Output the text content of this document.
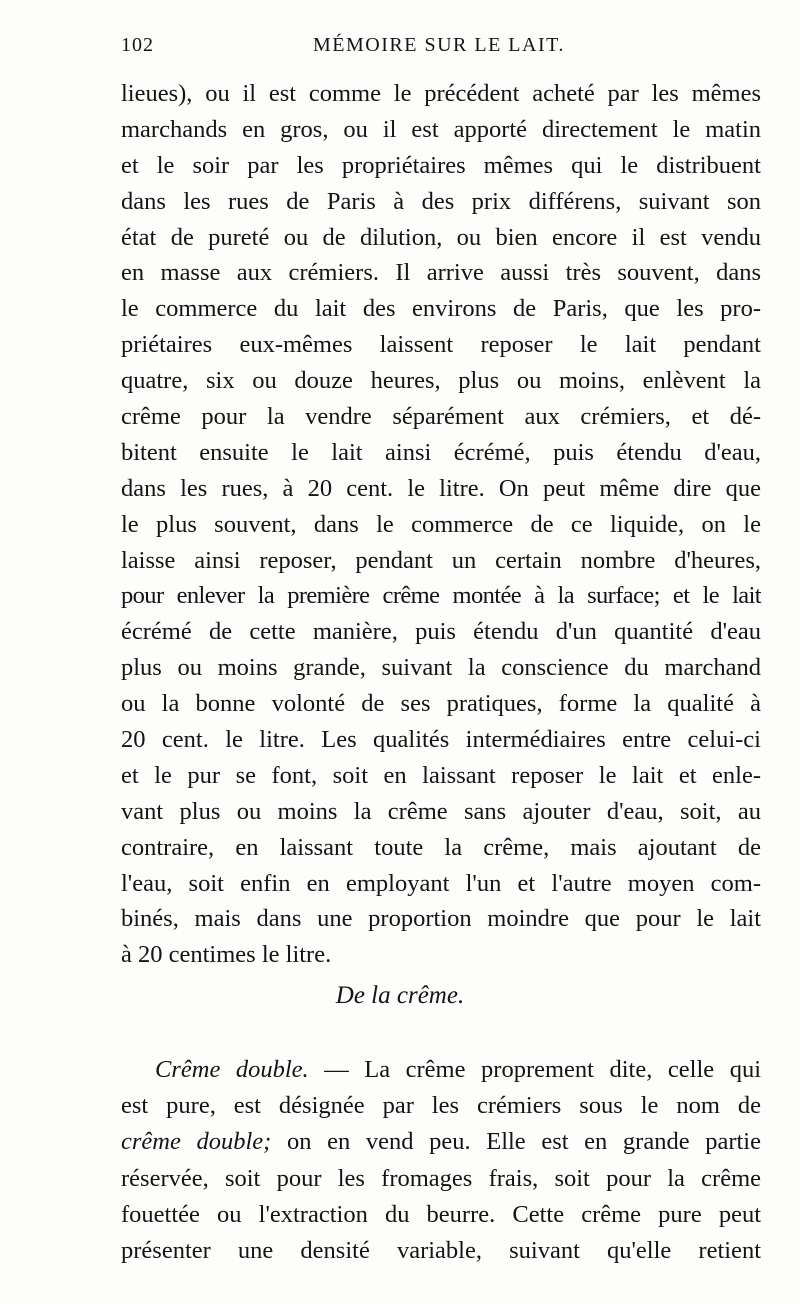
102	MÉMOIRE SUR LE LAIT.
lieues), ou il est comme le précédent acheté par les mêmes
marchands en gros, ou il est apporté directement le matin
et le soir par les propriétaires mêmes qui le distribuent
dans les rues de Paris à des prix différens, suivant son
état de pureté ou de dilution, ou bien encore il est vendu
en masse aux crémiers. Il arrive aussi très souvent, dans
le commerce du lait des environs de Paris, que les pro-
priétaires eux-mêmes laissent reposer le lait pendant
quatre, six ou douze heures, plus ou moins, enlèvent la
crême pour la vendre séparément aux crémiers, et dé-
bitent ensuite le lait ainsi écrémé, puis étendu d'eau,
dans les rues, à 20 cent. le litre. On peut même dire que
le plus souvent, dans le commerce de ce liquide, on le
laisse ainsi reposer, pendant un certain nombre d'heures,
pour enlever la première crême montée à la surface; et le lait
écrémé de cette manière, puis étendu d'un quantité d'eau
plus ou moins grande, suivant la conscience du marchand
ou la bonne volonté de ses pratiques, forme la qualité à
20 cent. le litre. Les qualités intermédiaires entre celui-ci
et le pur se font, soit en laissant reposer le lait et enle-
vant plus ou moins la crême sans ajouter d'eau, soit, au
contraire, en laissant toute la crême, mais ajoutant de
l'eau, soit enfin en employant l'un et l'autre moyen com-
binés, mais dans une proportion moindre que pour le lait
à 20 centimes le litre.
De la crême.
Crême double. — La crême proprement dite, celle qui
est pure, est désignée par les crémiers sous le nom de
crême double; on en vend peu. Elle est en grande partie
réservée, soit pour les fromages frais, soit pour la crême
fouettée ou l'extraction du beurre. Cette crême pure peut
présenter une densité variable, suivant qu'elle retient
